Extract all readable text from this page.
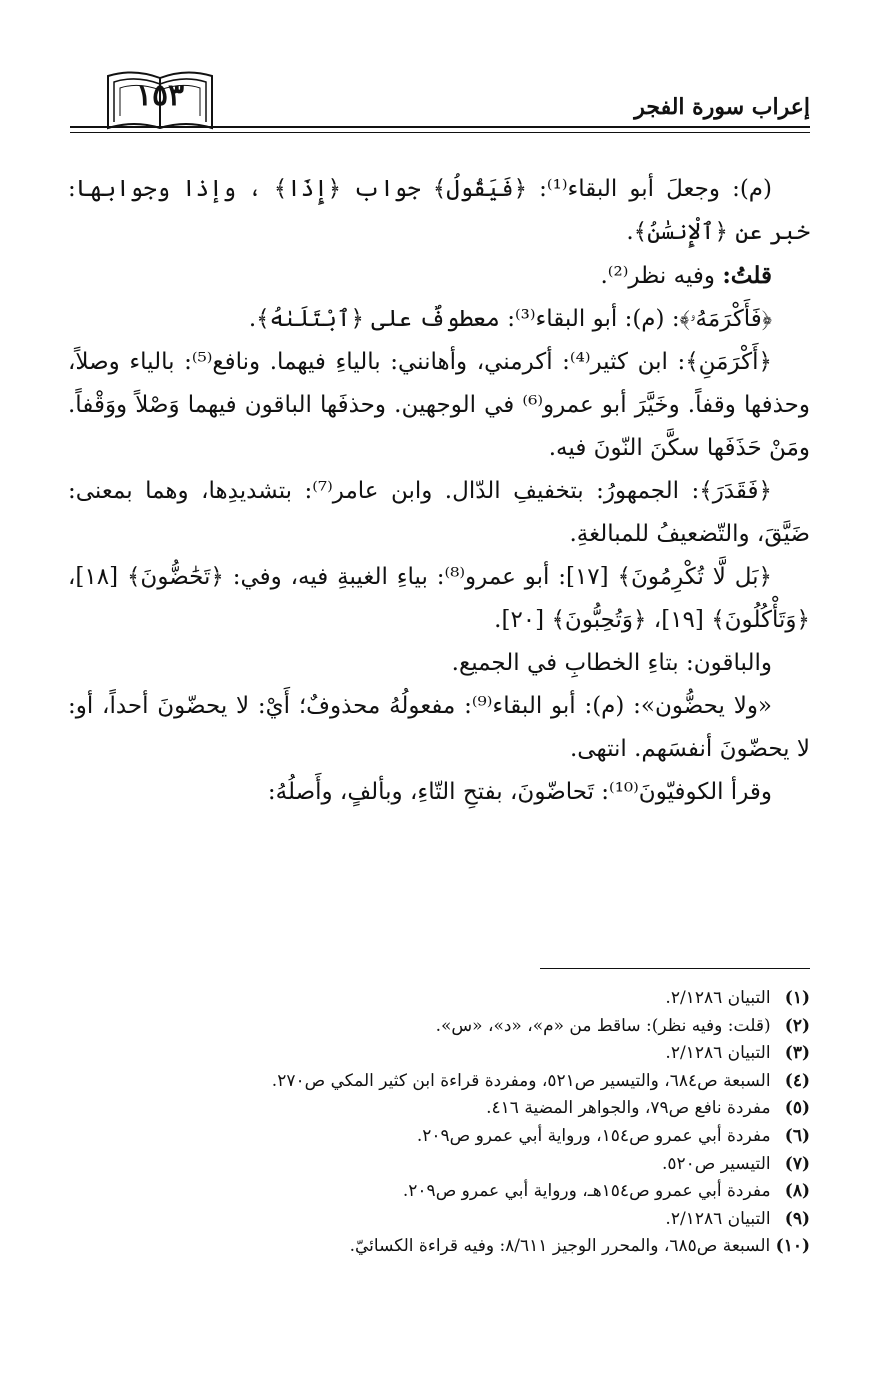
١٥٣	إعراب سورة الفجر

(م): وجعلَ أبو البقاء⁽¹⁾: ﴿فَيَقُولُ﴾ جواب ﴿إِذَا﴾ ، وإذا وجوابها: خبر عن ﴿ٱلْإِنسَٰنُ﴾.

قلتُ: وفيه نظر⁽²⁾.

﴿فَأَكْرَمَهُۥ﴾: (م): أبو البقاء⁽³⁾: معطوفٌ على ﴿ٱبْتَلَىٰهُ﴾.

﴿أَكْرَمَنِ﴾: ابن كثير⁽⁴⁾: أكرمني، وأهانني: بالياءِ فيهما. ونافع⁽⁵⁾: بالياء وصلاً، وحذفها وقفاً. وخَيَّرَ أبو عمرو⁽⁶⁾ في الوجهين. وحذفَها الباقون فيهما وَصْلاً ووَقْفاً. ومَنْ حَذَفَها سكَّنَ النّونَ فيه.

﴿فَقَدَرَ﴾: الجمهورُ: بتخفيفِ الدّال. وابن عامر⁽⁷⁾: بتشديدِها، وهما بمعنى: ضَيَّقَ، والتّضعيفُ للمبالغةِ.

﴿بَل لَّا تُكْرِمُونَ﴾ [١٧]: أبو عمرو⁽⁸⁾: بياءِ الغيبةِ فيه، وفي: ﴿تَحَٰضُّونَ﴾ [١٨]، ﴿وَتَأْكُلُونَ﴾ [١٩]، ﴿وَتُحِبُّونَ﴾ [٢٠].

والباقون: بتاءِ الخطابِ في الجميع.

«ولا يحضُّون»: (م): أبو البقاء⁽⁹⁾: مفعولُهُ محذوفٌ؛ أَيْ: لا يحضّونَ أحداً، أو: لا يحضّونَ أنفسَهم. انتهى.

وقرأ الكوفيّونَ⁽¹⁰⁾: تَحاضّونَ، بفتحِ التّاءِ، وبألفٍ، وأَصلُهُ:

(١) التبيان ٢/١٢٨٦.
(٢) (قلت: وفيه نظر): ساقط من «م»، «د»، «س».
(٣) التبيان ٢/١٢٨٦.
(٤) السبعة ص٦٨٤، والتيسير ص٥٢١، ومفردة قراءة ابن كثير المكي ص٢٧٠.
(٥) مفردة نافع ص٧٩، والجواهر المضية ٤١٦.
(٦) مفردة أبي عمرو ص١٥٤، ورواية أبي عمرو ص٢٠٩.
(٧) التيسير ص٥٢٠.
(٨) مفردة أبي عمرو ص١٥٤هـ، ورواية أبي عمرو ص٢٠٩.
(٩) التبيان ٢/١٢٨٦.
(١٠) السبعة ص٦٨٥، والمحرر الوجيز ٨/٦١١: وفيه قراءة الكسائيّ.
